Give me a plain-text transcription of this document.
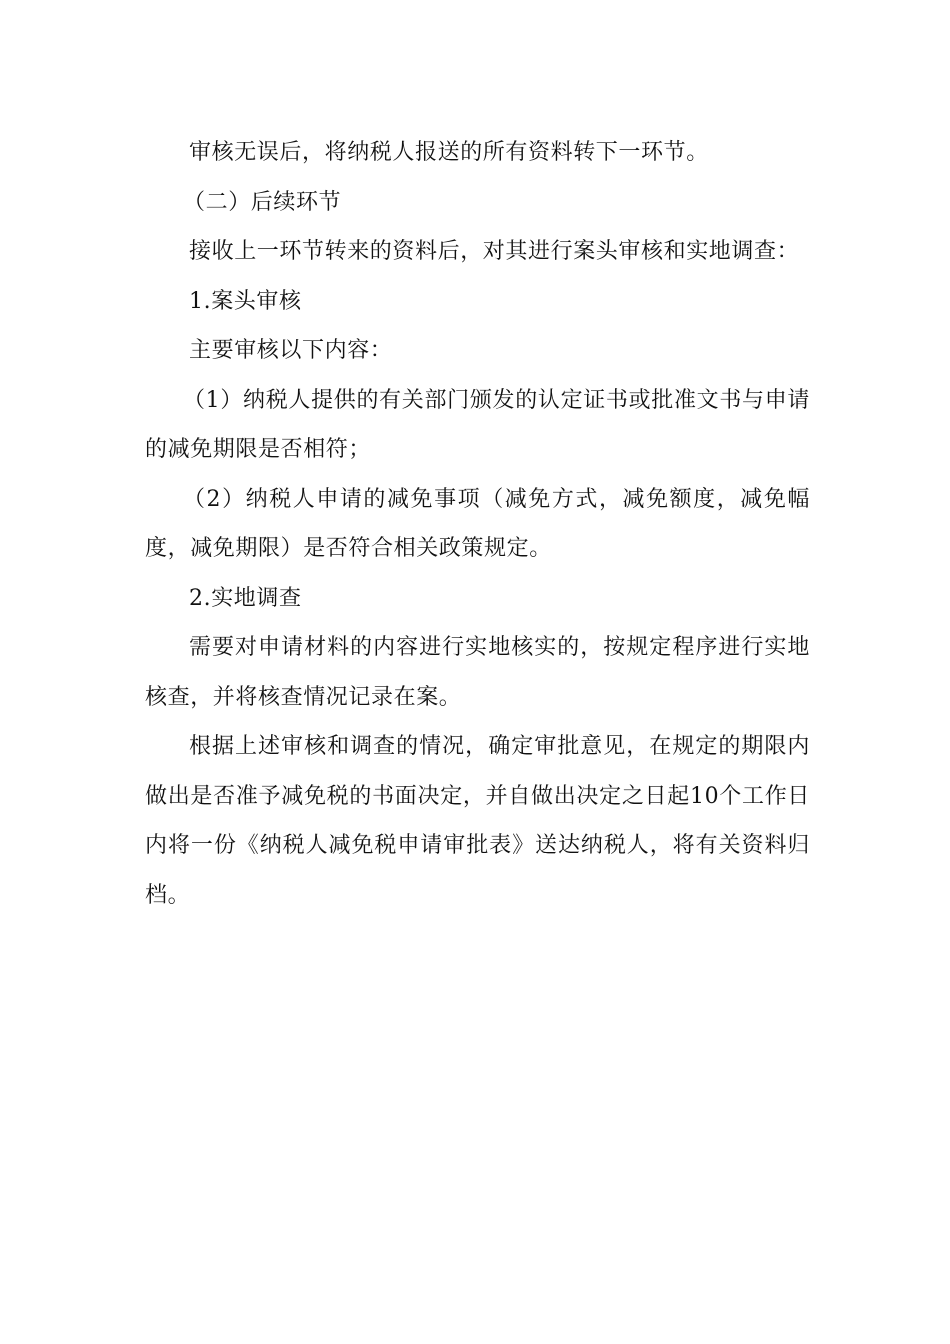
审核无误后，将纳税人报送的所有资料转下一环节。

（二）后续环节

接收上一环节转来的资料后，对其进行案头审核和实地调查：

1.案头审核

主要审核以下内容：

（1）纳税人提供的有关部门颁发的认定证书或批准文书与申请的减免期限是否相符；

（2）纳税人申请的减免事项（减免方式，减免额度，减免幅度，减免期限）是否符合相关政策规定。

2.实地调查

需要对申请材料的内容进行实地核实的，按规定程序进行实地核查，并将核查情况记录在案。

根据上述审核和调查的情况，确定审批意见，在规定的期限内做出是否准予减免税的书面决定，并自做出决定之日起10个工作日内将一份《纳税人减免税申请审批表》送达纳税人，将有关资料归档。
